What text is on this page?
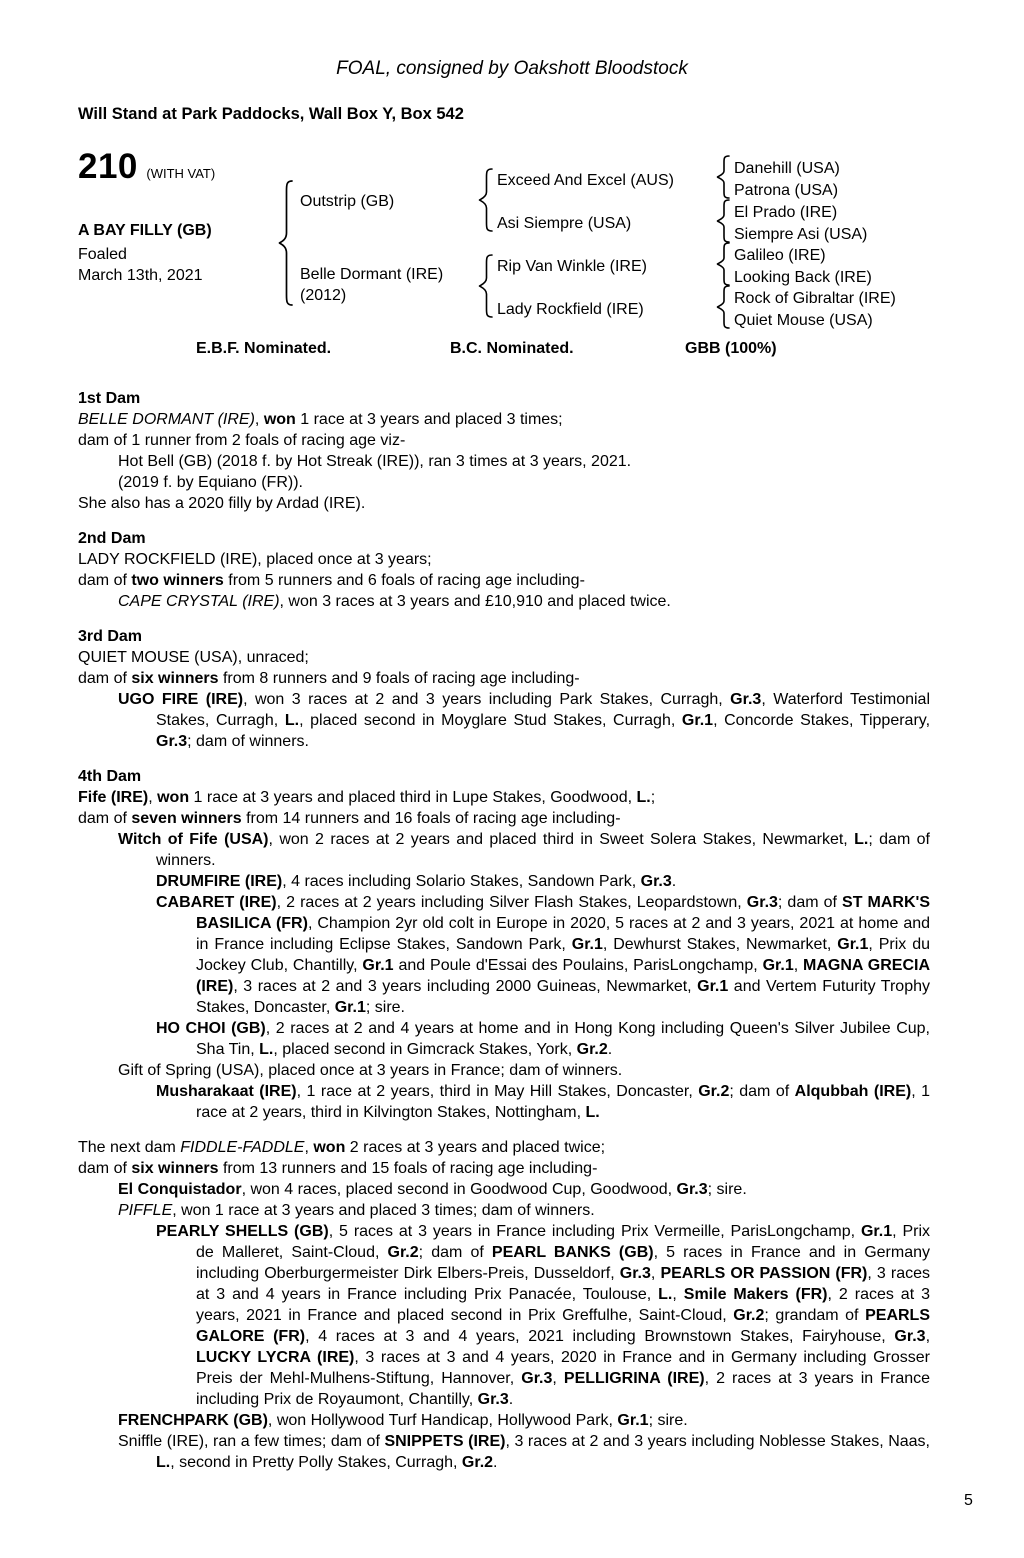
FOAL, consigned by Oakshott Bloodstock
Will Stand at Park Paddocks, Wall Box Y, Box 542
210 (WITH VAT)
A BAY FILLY (GB)
Foaled
March 13th, 2021
Outstrip (GB)
Belle Dormant (IRE)
(2012)
Exceed And Excel (AUS)
Asi Siempre (USA)
Rip Van Winkle (IRE)
Lady Rockfield (IRE)
Danehill (USA)
Patrona (USA)
El Prado (IRE)
Siempre Asi (USA)
Galileo (IRE)
Looking Back (IRE)
Rock of Gibraltar (IRE)
Quiet Mouse (USA)
E.B.F. Nominated.	B.C. Nominated.	GBB (100%)

1st Dam

BELLE DORMANT (IRE), won 1 race at 3 years and placed 3 times;

dam of 1 runner from 2 foals of racing age viz-

Hot Bell (GB) (2018 f. by Hot Streak (IRE)), ran 3 times at 3 years, 2021.

(2019 f. by Equiano (FR)).

She also has a 2020 filly by Ardad (IRE).

2nd Dam

LADY ROCKFIELD (IRE), placed once at 3 years;

dam of two winners from 5 runners and 6 foals of racing age including-

CAPE CRYSTAL (IRE), won 3 races at 3 years and £10,910 and placed twice.

3rd Dam

QUIET MOUSE (USA), unraced;

dam of six winners from 8 runners and 9 foals of racing age including-

UGO FIRE (IRE), won 3 races at 2 and 3 years including Park Stakes, Curragh, Gr.3, Waterford Testimonial Stakes, Curragh, L., placed second in Moyglare Stud Stakes, Curragh, Gr.1, Concorde Stakes, Tipperary, Gr.3; dam of winners.

4th Dam

Fife (IRE), won 1 race at 3 years and placed third in Lupe Stakes, Goodwood, L.;

dam of seven winners from 14 runners and 16 foals of racing age including-

Witch of Fife (USA), won 2 races at 2 years and placed third in Sweet Solera Stakes, Newmarket, L.; dam of winners.

DRUMFIRE (IRE), 4 races including Solario Stakes, Sandown Park, Gr.3.

CABARET (IRE), 2 races at 2 years including Silver Flash Stakes, Leopardstown, Gr.3; dam of ST MARK'S BASILICA (FR), Champion 2yr old colt in Europe in 2020, 5 races at 2 and 3 years, 2021 at home and in France including Eclipse Stakes, Sandown Park, Gr.1, Dewhurst Stakes, Newmarket, Gr.1, Prix du Jockey Club, Chantilly, Gr.1 and Poule d'Essai des Poulains, ParisLongchamp, Gr.1, MAGNA GRECIA (IRE), 3 races at 2 and 3 years including 2000 Guineas, Newmarket, Gr.1 and Vertem Futurity Trophy Stakes, Doncaster, Gr.1; sire.

HO CHOI (GB), 2 races at 2 and 4 years at home and in Hong Kong including Queen's Silver Jubilee Cup, Sha Tin, L., placed second in Gimcrack Stakes, York, Gr.2.

Gift of Spring (USA), placed once at 3 years in France; dam of winners.

Musharakaat (IRE), 1 race at 2 years, third in May Hill Stakes, Doncaster, Gr.2; dam of Alqubbah (IRE), 1 race at 2 years, third in Kilvington Stakes, Nottingham, L.

The next dam FIDDLE-FADDLE, won 2 races at 3 years and placed twice;

dam of six winners from 13 runners and 15 foals of racing age including-

El Conquistador, won 4 races, placed second in Goodwood Cup, Goodwood, Gr.3; sire.

PIFFLE, won 1 race at 3 years and placed 3 times; dam of winners.

PEARLY SHELLS (GB), 5 races at 3 years in France including Prix Vermeille, ParisLongchamp, Gr.1, Prix de Malleret, Saint-Cloud, Gr.2; dam of PEARL BANKS (GB), 5 races in France and in Germany including Oberburgermeister Dirk Elbers-Preis, Dusseldorf, Gr.3, PEARLS OR PASSION (FR), 3 races at 3 and 4 years in France including Prix Panacée, Toulouse, L., Smile Makers (FR), 2 races at 3 years, 2021 in France and placed second in Prix Greffulhe, Saint-Cloud, Gr.2; grandam of PEARLS GALORE (FR), 4 races at 3 and 4 years, 2021 including Brownstown Stakes, Fairyhouse, Gr.3, LUCKY LYCRA (IRE), 3 races at 3 and 4 years, 2020 in France and in Germany including Grosser Preis der Mehl-Mulhens-Stiftung, Hannover, Gr.3, PELLIGRINA (IRE), 2 races at 3 years in France including Prix de Royaumont, Chantilly, Gr.3.

FRENCHPARK (GB), won Hollywood Turf Handicap, Hollywood Park, Gr.1; sire.

Sniffle (IRE), ran a few times; dam of SNIPPETS (IRE), 3 races at 2 and 3 years including Noblesse Stakes, Naas, L., second in Pretty Polly Stakes, Curragh, Gr.2.

5
